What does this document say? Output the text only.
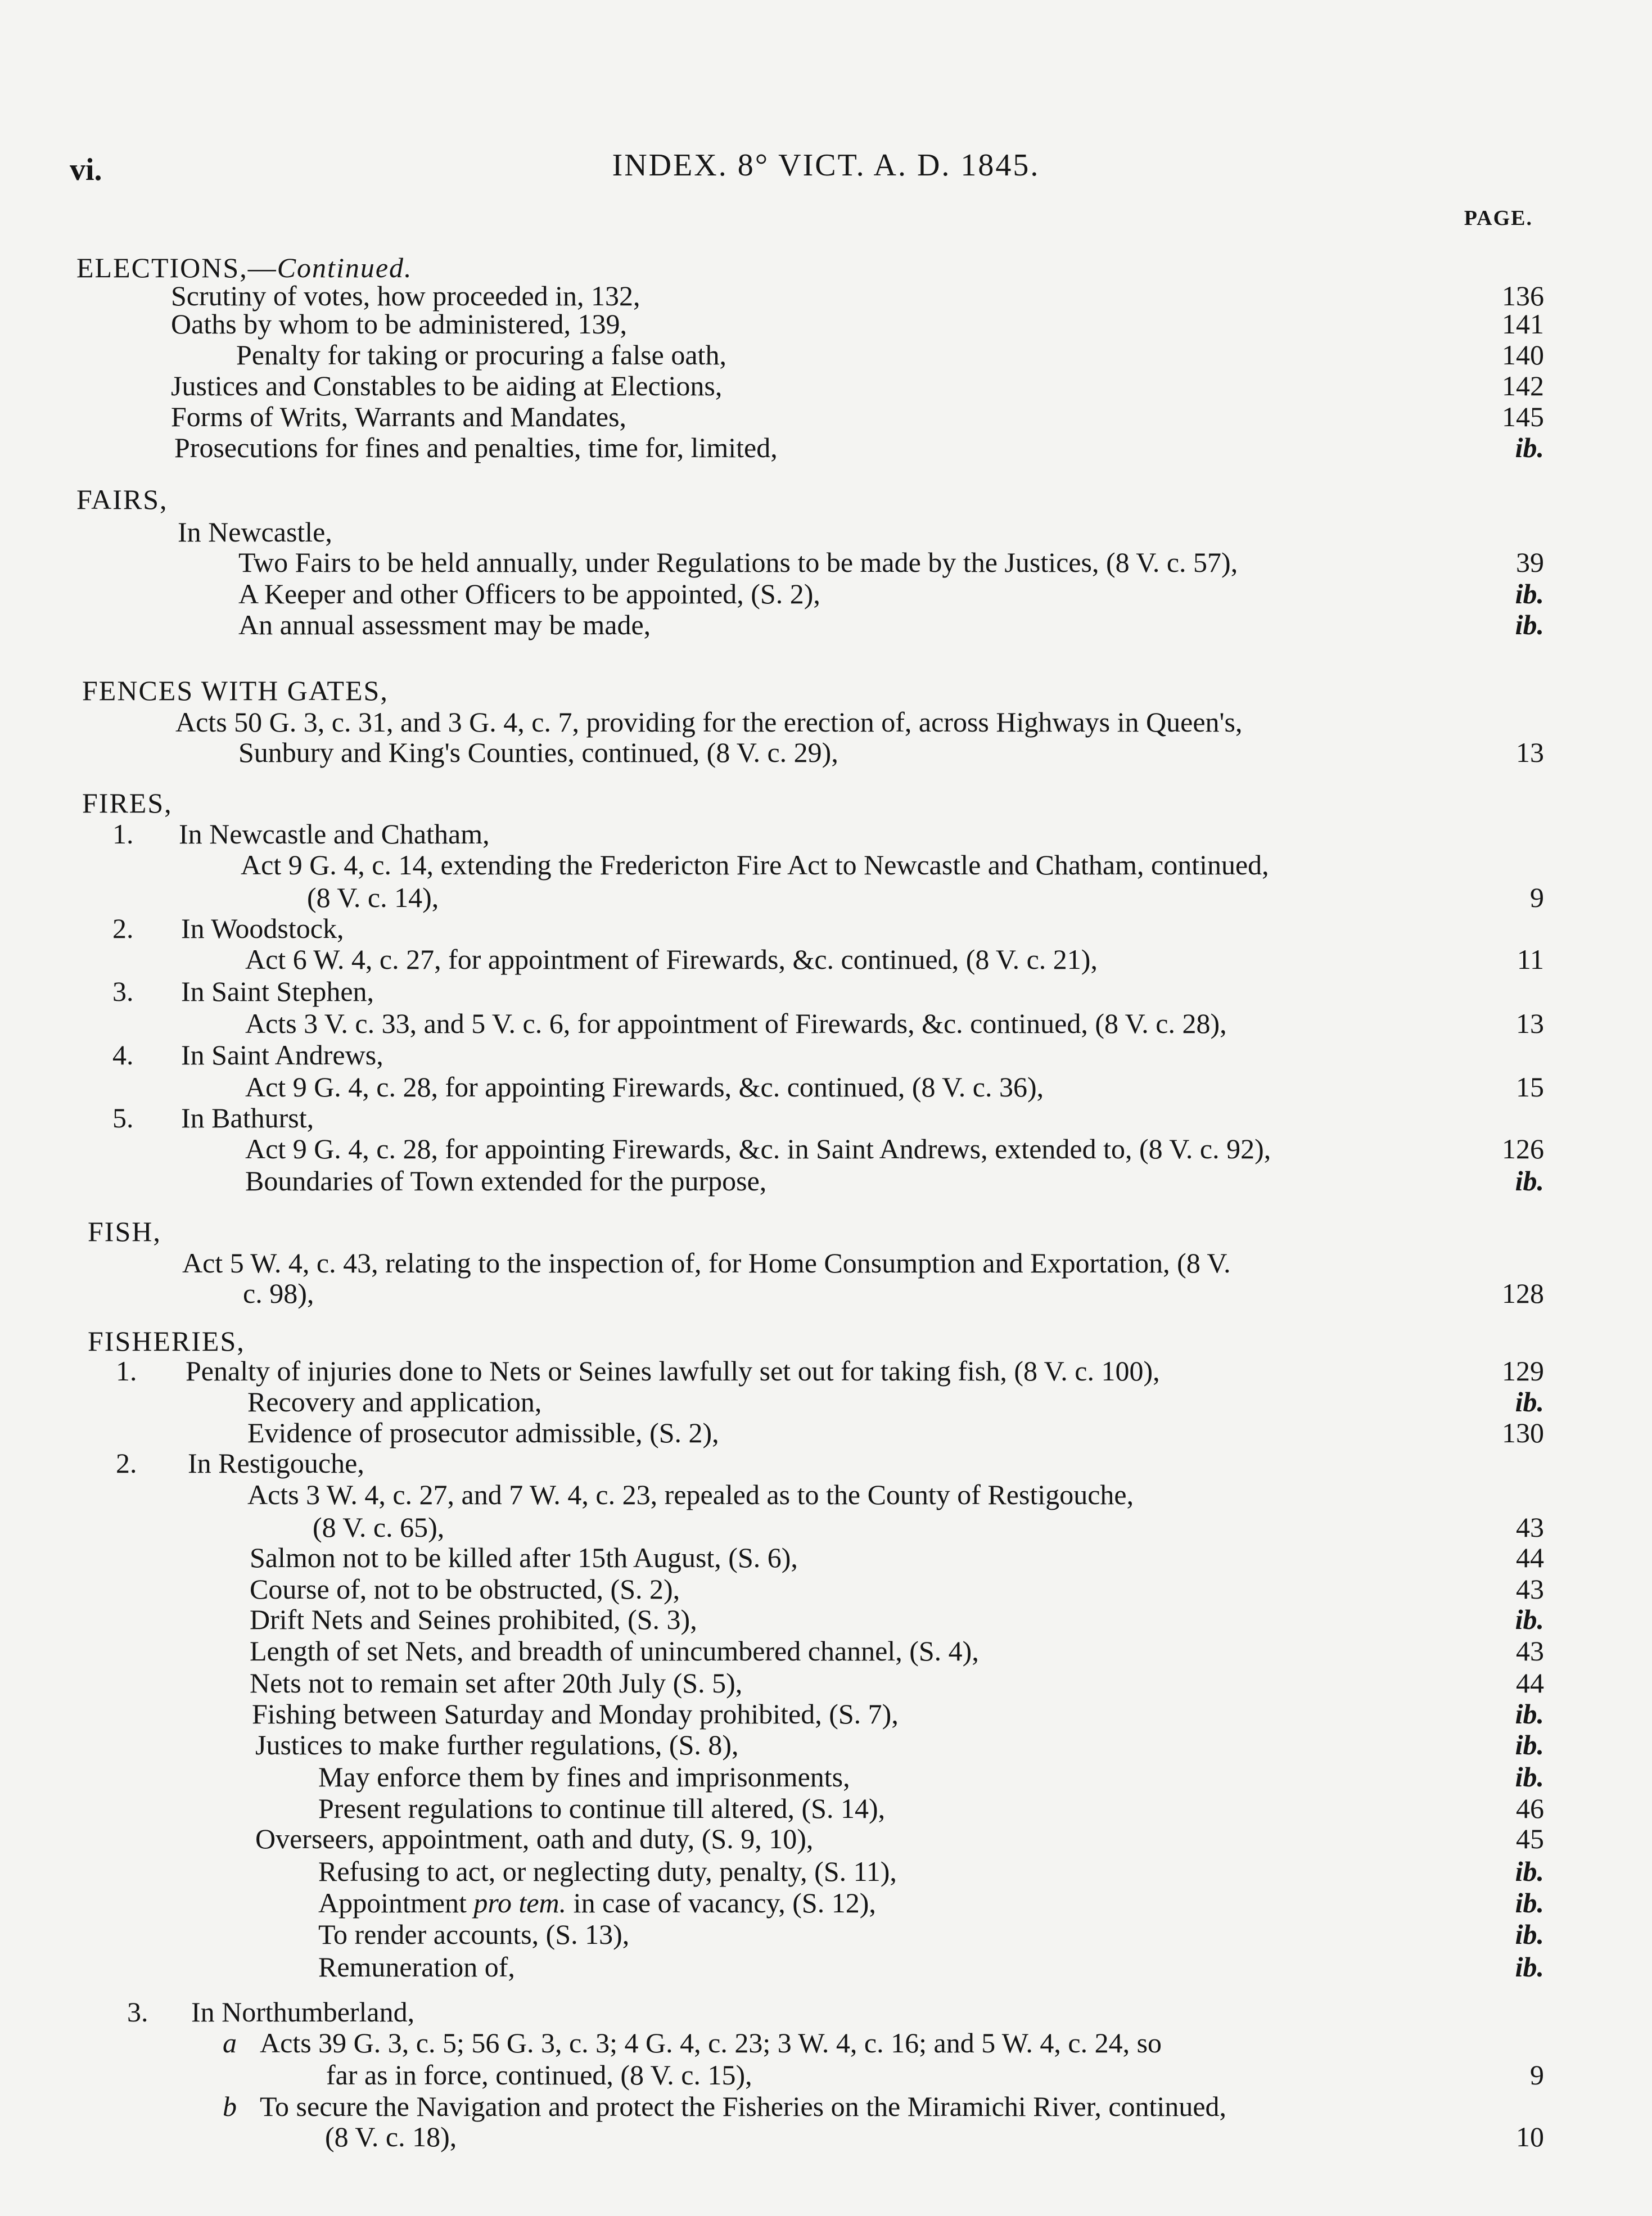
vi.	INDEX. 8° VICT. A. D. 1845.
PAGE.
ELECTIONS,—Continued.
Scrutiny of votes, how proceeded in, 132,	136
Oaths by whom to be administered, 139,	141
Penalty for taking or procuring a false oath,	140
Justices and Constables to be aiding at Elections,	142
Forms of Writs, Warrants and Mandates,	145
Prosecutions for fines and penalties, time for, limited,	ib.
FAIRS,
In Newcastle,
Two Fairs to be held annually, under Regulations to be made by the Justices, (8 V. c. 57),	39
A Keeper and other Officers to be appointed, (S. 2),	ib.
An annual assessment may be made,	ib.
FENCES WITH GATES,
Acts 50 G. 3, c. 31, and 3 G. 4, c. 7, providing for the erection of, across Highways in Queen's,
Sunbury and King's Counties, continued, (8 V. c. 29),	13
FIRES,
1. In Newcastle and Chatham,
Act 9 G. 4, c. 14, extending the Fredericton Fire Act to Newcastle and Chatham, continued,
(8 V. c. 14),	9
2. In Woodstock,
Act 6 W. 4, c. 27, for appointment of Firewards, &c. continued, (8 V. c. 21),	11
3. In Saint Stephen,
Acts 3 V. c. 33, and 5 V. c. 6, for appointment of Firewards, &c. continued, (8 V. c. 28),	13
4. In Saint Andrews,
Act 9 G. 4, c. 28, for appointing Firewards, &c. continued, (8 V. c. 36),	15
5. In Bathurst,
Act 9 G. 4, c. 28, for appointing Firewards, &c. in Saint Andrews, extended to, (8 V. c. 92),	126
Boundaries of Town extended for the purpose,	ib.
FISH,
Act 5 W. 4, c. 43, relating to the inspection of, for Home Consumption and Exportation, (8 V.
c. 98),	128
FISHERIES,
1. Penalty of injuries done to Nets or Seines lawfully set out for taking fish, (8 V. c. 100),	129
Recovery and application,	ib.
Evidence of prosecutor admissible, (S. 2),	130
2. In Restigouche,
Acts 3 W. 4, c. 27, and 7 W. 4, c. 23, repealed as to the County of Restigouche,
(8 V. c. 65),	43
Salmon not to be killed after 15th August, (S. 6),	44
Course of, not to be obstructed, (S. 2),	43
Drift Nets and Seines prohibited, (S. 3),	ib.
Length of set Nets, and breadth of unincumbered channel, (S. 4),	43
Nets not to remain set after 20th July (S. 5),	44
Fishing between Saturday and Monday prohibited, (S. 7),	ib.
Justices to make further regulations, (S. 8),	ib.
May enforce them by fines and imprisonments,	ib.
Present regulations to continue till altered, (S. 14),	46
Overseers, appointment, oath and duty, (S. 9, 10),	45
Refusing to act, or neglecting duty, penalty, (S. 11),	ib.
Appointment pro tem. in case of vacancy, (S. 12),	ib.
To render accounts, (S. 13),	ib.
Remuneration of,	ib.
3. In Northumberland,
a Acts 39 G. 3, c. 5; 56 G. 3, c. 3; 4 G. 4, c. 23; 3 W. 4, c. 16; and 5 W. 4, c. 24, so
far as in force, continued, (8 V. c. 15),	9
b To secure the Navigation and protect the Fisheries on the Miramichi River, continued,
(8 V. c. 18),	10
